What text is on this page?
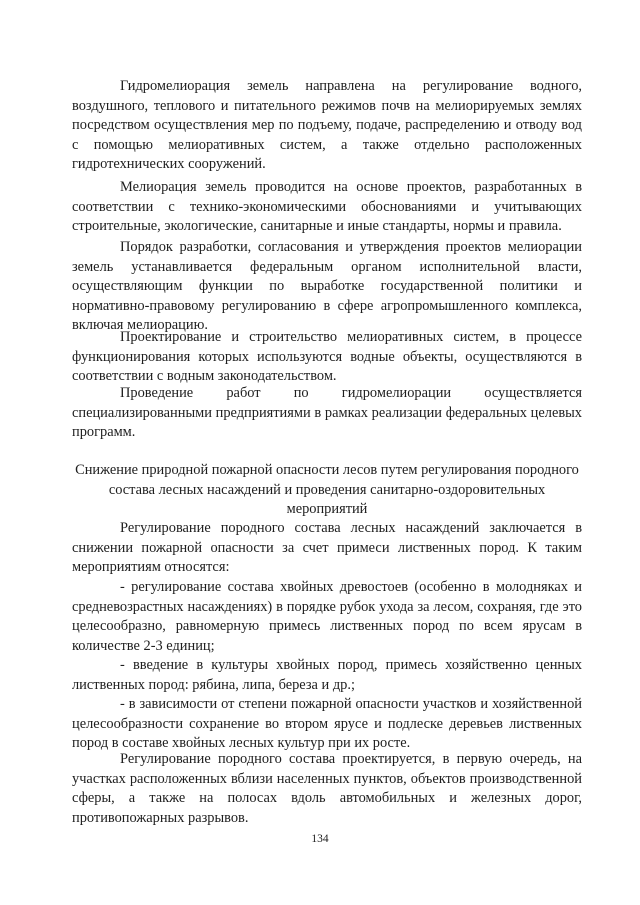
Гидромелиорация земель направлена на регулирование водного, воздушного, теплового и питательного режимов почв на мелиорируемых землях посредством осуществления мер по подъему, подаче, распределению и отводу вод с помощью мелиоративных систем, а также отдельно расположенных гидротехнических сооружений.

Мелиорация земель проводится на основе проектов, разработанных в соответствии с технико-экономическими обоснованиями и учитывающих строительные, экологические, санитарные и иные стандарты, нормы и правила.

Порядок разработки, согласования и утверждения проектов мелиорации земель устанавливается федеральным органом исполнительной власти, осуществляющим функции по выработке государственной политики и нормативно-правовому регулированию в сфере агропромышленного комплекса, включая мелиорацию.

Проектирование и строительство мелиоративных систем, в процессе функционирования которых используются водные объекты, осуществляются в соответствии с водным законодательством.

Проведение работ по гидромелиорации осуществляется специализированными предприятиями в рамках реализации федеральных целевых программ.

Снижение природной пожарной опасности лесов путем регулирования породного состава лесных насаждений и проведения санитарно-оздоровительных мероприятий

Регулирование породного состава лесных насаждений заключается в снижении пожарной опасности за счет примеси лиственных пород. К таким мероприятиям относятся:

- регулирование состава хвойных древостоев (особенно в молодняках и средневозрастных насаждениях) в порядке рубок ухода за лесом, сохраняя, где это целесообразно, равномерную примесь лиственных пород по всем ярусам в количестве 2-3 единиц;

- введение в культуры хвойных пород, примесь хозяйственно ценных лиственных пород: рябина, липа, береза и др.;

- в зависимости от степени пожарной опасности участков и хозяйственной целесообразности сохранение во втором ярусе и подлеске деревьев лиственных пород в составе хвойных лесных культур при их росте.

Регулирование породного состава проектируется, в первую очередь, на участках расположенных вблизи населенных пунктов, объектов производственной сферы, а также на полосах вдоль автомобильных и железных дорог, противопожарных разрывов.

134
